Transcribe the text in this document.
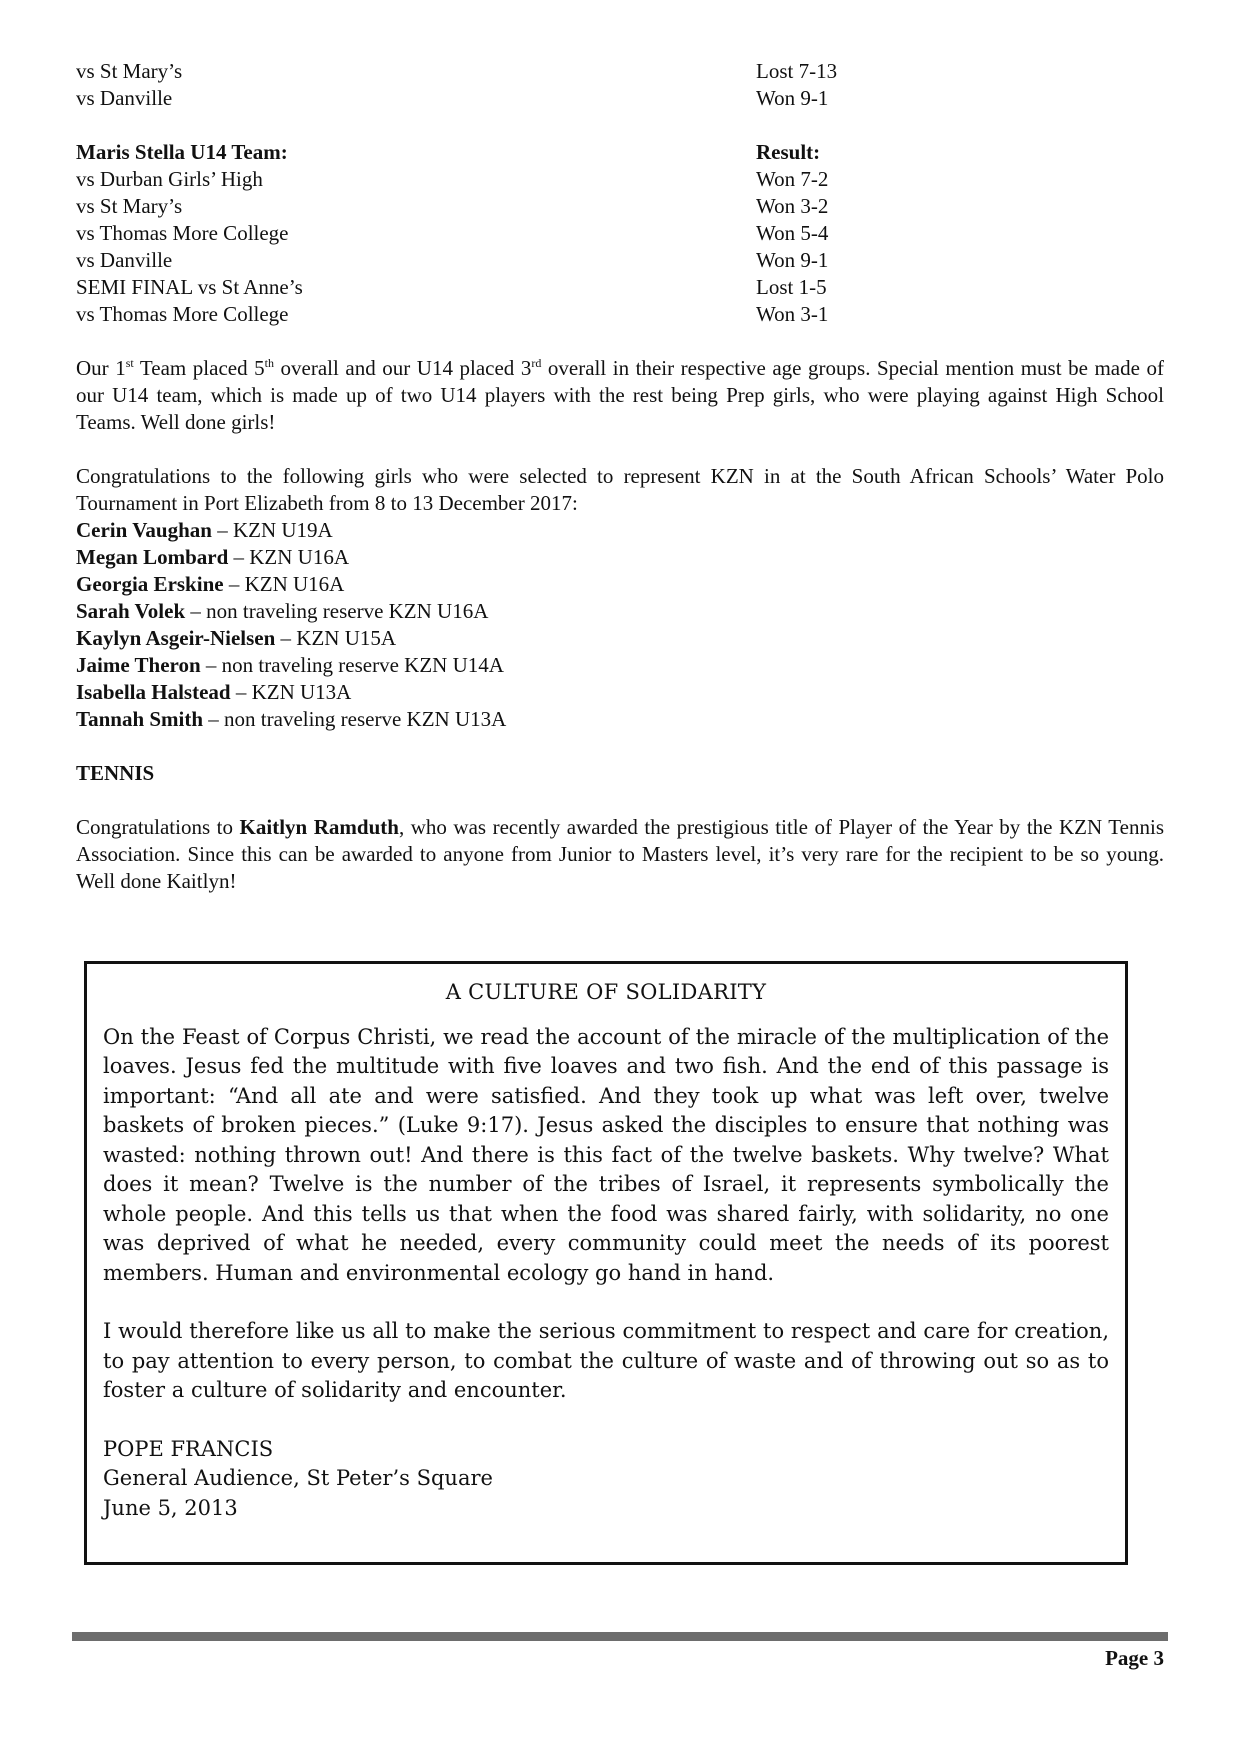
vs St Mary’s	Lost 7-13
vs Danville	Won 9-1
Maris Stella U14 Team:	Result:
vs Durban Girls’ High	Won 7-2
vs St Mary’s	Won 3-2
vs Thomas More College	Won 5-4
vs Danville	Won 9-1
SEMI FINAL vs St Anne’s	Lost 1-5
vs Thomas More College	Won 3-1

Our 1st Team placed 5th overall and our U14 placed 3rd overall in their respective age groups. Special mention must be made of our U14 team, which is made up of two U14 players with the rest being Prep girls, who were playing against High School Teams. Well done girls!

Congratulations to the following girls who were selected to represent KZN in at the South African Schools’ Water Polo Tournament in Port Elizabeth from 8 to 13 December 2017:

Cerin Vaughan – KZN U19A
Megan Lombard – KZN U16A
Georgia Erskine – KZN U16A
Sarah Volek – non traveling reserve KZN U16A
Kaylyn Asgeir-Nielsen – KZN U15A
Jaime Theron – non traveling reserve KZN U14A
Isabella Halstead – KZN U13A
Tannah Smith – non traveling reserve KZN U13A
TENNIS

Congratulations to Kaitlyn Ramduth, who was recently awarded the prestigious title of Player of the Year by the KZN Tennis Association. Since this can be awarded to anyone from Junior to Masters level, it’s very rare for the recipient to be so young. Well done Kaitlyn!

A CULTURE OF SOLIDARITY

On the Feast of Corpus Christi, we read the account of the miracle of the multiplication of the loaves. Jesus fed the multitude with five loaves and two fish. And the end of this passage is important: “And all ate and were satisfied. And they took up what was left over, twelve baskets of broken pieces.” (Luke 9:17). Jesus asked the disciples to ensure that nothing was wasted: nothing thrown out! And there is this fact of the twelve baskets. Why twelve? What does it mean? Twelve is the number of the tribes of Israel, it represents symbolically the whole people. And this tells us that when the food was shared fairly, with solidarity, no one was deprived of what he needed, every community could meet the needs of its poorest members. Human and environmental ecology go hand in hand.

I would therefore like us all to make the serious commitment to respect and care for creation, to pay attention to every person, to combat the culture of waste and of throwing out so as to foster a culture of solidarity and encounter.

POPE FRANCIS
General Audience, St Peter’s Square
June 5, 2013
Page 3
